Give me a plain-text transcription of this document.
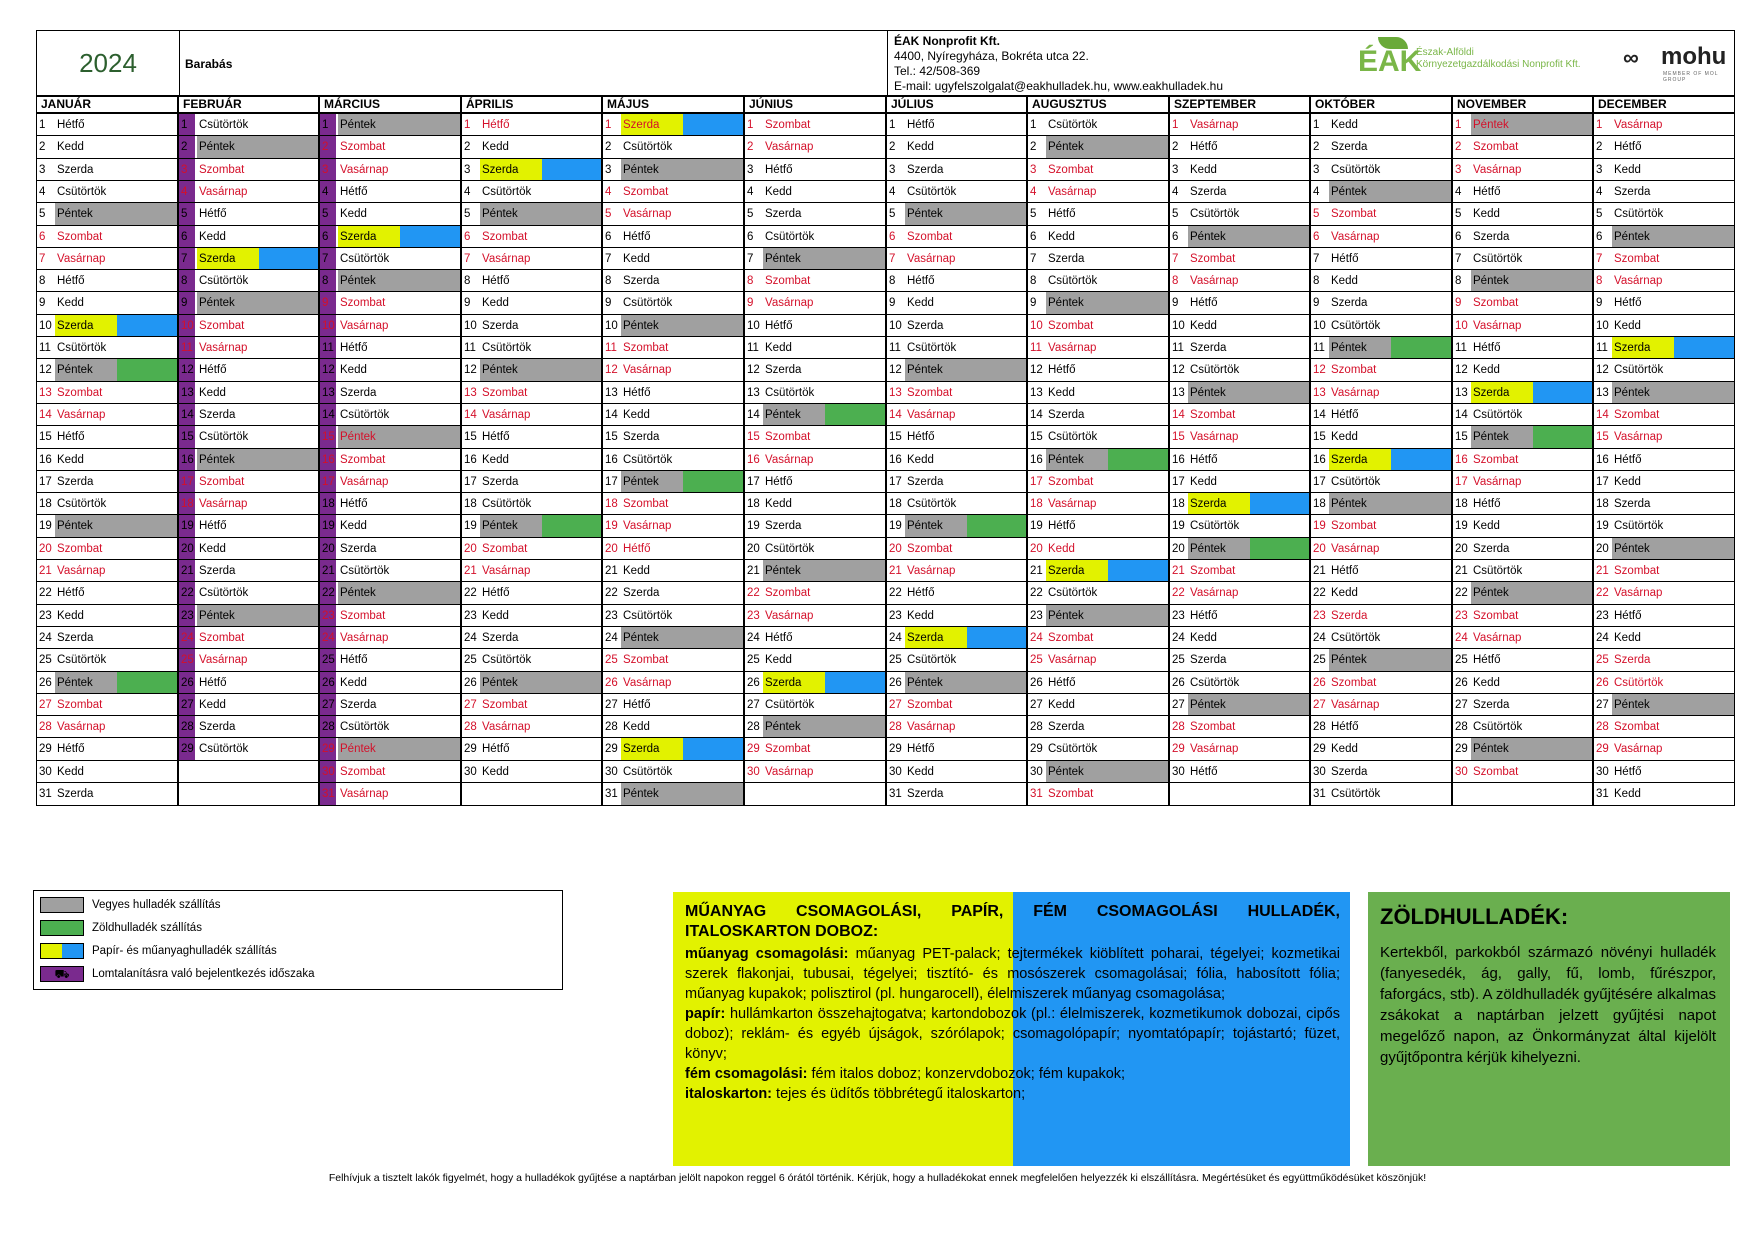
2024	Barabás
ÉAK Nonprofit Kft.
4400, Nyíregyháza, Bokréta utca 22.
Tel.: 42/508-369
E-mail: ugyfelszolgalat@eakhulladek.hu, www.eakhulladek.hu
ÉAK
Észak-Alföldi
Környezetgazdálkodási Nonprofit Kft. ∞ mohu
MEMBER OF MOL GROUP
JANUÁR
1	Hétfő
2	Kedd
3	Szerda
4	Csütörtök
5	Péntek
6	Szombat
7	Vasárnap
8	Hétfő
9	Kedd
10 Szerda
11 Csütörtök
12 Péntek
13 Szombat
14 Vasárnap
15 Hétfő
16 Kedd
17 Szerda
18 Csütörtök
19 Péntek
20 Szombat
21 Vasárnap
22 Hétfő
23 Kedd
24 Szerda
25 Csütörtök
26 Péntek
27 Szombat
28 Vasárnap
29 Hétfő
30 Kedd
31 Szerda
FEBRUÁR
1	Csütörtök
2	Péntek
3	Szombat
4	Vasárnap
5	Hétfő
6	Kedd
7	Szerda
8	Csütörtök
9	Péntek
10 Szombat
11 Vasárnap
12 Hétfő
13 Kedd
14 Szerda
15 Csütörtök
16 Péntek
17 Szombat
18 Vasárnap
19 Hétfő
20 Kedd
21 Szerda
22 Csütörtök
23 Péntek
24 Szombat
25 Vasárnap
26 Hétfő
27 Kedd
28 Szerda
29 Csütörtök
MÁRCIUS
1	Péntek
2	Szombat
3	Vasárnap
4	Hétfő
5	Kedd
6	Szerda
7	Csütörtök
8	Péntek
9	Szombat
10 Vasárnap
11 Hétfő
12 Kedd
13 Szerda
14 Csütörtök
15 Péntek
16 Szombat
17 Vasárnap
18 Hétfő
19 Kedd
20 Szerda
21 Csütörtök
22 Péntek
23 Szombat
24 Vasárnap
25 Hétfő
26 Kedd
27 Szerda
28 Csütörtök
29 Péntek
30 Szombat
31 Vasárnap
ÁPRILIS
1	Hétfő
2	Kedd
3	Szerda
4	Csütörtök
5	Péntek
6	Szombat
7	Vasárnap
8	Hétfő
9	Kedd
10 Szerda
11 Csütörtök
12 Péntek
13 Szombat
14 Vasárnap
15 Hétfő
16 Kedd
17 Szerda
18 Csütörtök
19 Péntek
20 Szombat
21 Vasárnap
22 Hétfő
23 Kedd
24 Szerda
25 Csütörtök
26 Péntek
27 Szombat
28 Vasárnap
29 Hétfő
30 Kedd
MÁJUS
1	Szerda
2	Csütörtök
3	Péntek
4	Szombat
5	Vasárnap
6	Hétfő
7	Kedd
8	Szerda
9	Csütörtök
10 Péntek
11 Szombat
12 Vasárnap
13 Hétfő
14 Kedd
15 Szerda
16 Csütörtök
17 Péntek
18 Szombat
19 Vasárnap
20 Hétfő
21 Kedd
22 Szerda
23 Csütörtök
24 Péntek
25 Szombat
26 Vasárnap
27 Hétfő
28 Kedd
29 Szerda
30 Csütörtök
31 Péntek
JÚNIUS
1	Szombat
2	Vasárnap
3	Hétfő
4	Kedd
5	Szerda
6	Csütörtök
7	Péntek
8	Szombat
9	Vasárnap
10 Hétfő
11 Kedd
12 Szerda
13 Csütörtök
14 Péntek
15 Szombat
16 Vasárnap
17 Hétfő
18 Kedd
19 Szerda
20 Csütörtök
21 Péntek
22 Szombat
23 Vasárnap
24 Hétfő
25 Kedd
26 Szerda
27 Csütörtök
28 Péntek
29 Szombat
30 Vasárnap
JÚLIUS
1	Hétfő
2	Kedd
3	Szerda
4	Csütörtök
5	Péntek
6	Szombat
7	Vasárnap
8	Hétfő
9	Kedd
10 Szerda
11 Csütörtök
12 Péntek
13 Szombat
14 Vasárnap
15 Hétfő
16 Kedd
17 Szerda
18 Csütörtök
19 Péntek
20 Szombat
21 Vasárnap
22 Hétfő
23 Kedd
24 Szerda
25 Csütörtök
26 Péntek
27 Szombat
28 Vasárnap
29 Hétfő
30 Kedd
31 Szerda
AUGUSZTUS
1	Csütörtök
2	Péntek
3	Szombat
4	Vasárnap
5	Hétfő
6	Kedd
7	Szerda
8	Csütörtök
9	Péntek
10 Szombat
11 Vasárnap
12 Hétfő
13 Kedd
14 Szerda
15 Csütörtök
16 Péntek
17 Szombat
18 Vasárnap
19 Hétfő
20 Kedd
21 Szerda
22 Csütörtök
23 Péntek
24 Szombat
25 Vasárnap
26 Hétfő
27 Kedd
28 Szerda
29 Csütörtök
30 Péntek
31 Szombat
SZEPTEMBER
1	Vasárnap
2	Hétfő
3	Kedd
4	Szerda
5	Csütörtök
6	Péntek
7	Szombat
8	Vasárnap
9	Hétfő
10 Kedd
11 Szerda
12 Csütörtök
13 Péntek
14 Szombat
15 Vasárnap
16 Hétfő
17 Kedd
18 Szerda
19 Csütörtök
20 Péntek
21 Szombat
22 Vasárnap
23 Hétfő
24 Kedd
25 Szerda
26 Csütörtök
27 Péntek
28 Szombat
29 Vasárnap
30 Hétfő
OKTÓBER
1	Kedd
2	Szerda
3	Csütörtök
4	Péntek
5	Szombat
6	Vasárnap
7	Hétfő
8	Kedd
9	Szerda
10 Csütörtök
11 Péntek
12 Szombat
13 Vasárnap
14 Hétfő
15 Kedd
16 Szerda
17 Csütörtök
18 Péntek
19 Szombat
20 Vasárnap
21 Hétfő
22 Kedd
23 Szerda
24 Csütörtök
25 Péntek
26 Szombat
27 Vasárnap
28 Hétfő
29 Kedd
30 Szerda
31 Csütörtök
NOVEMBER
1	Péntek
2	Szombat
3	Vasárnap
4	Hétfő
5	Kedd
6	Szerda
7	Csütörtök
8	Péntek
9	Szombat
10 Vasárnap
11 Hétfő
12 Kedd
13 Szerda
14 Csütörtök
15 Péntek
16 Szombat
17 Vasárnap
18 Hétfő
19 Kedd
20 Szerda
21 Csütörtök
22 Péntek
23 Szombat
24 Vasárnap
25 Hétfő
26 Kedd
27 Szerda
28 Csütörtök
29 Péntek
30 Szombat
DECEMBER
1	Vasárnap
2	Hétfő
3	Kedd
4	Szerda
5	Csütörtök
6	Péntek
7	Szombat
8	Vasárnap
9	Hétfő
10 Kedd
11 Szerda
12 Csütörtök
13 Péntek
14 Szombat
15 Vasárnap
16 Hétfő
17 Kedd
18 Szerda
19 Csütörtök
20 Péntek
21 Szombat
22 Vasárnap
23 Hétfő
24 Kedd
25 Szerda
26 Csütörtök
27 Péntek
28 Szombat
29 Vasárnap
30 Hétfő
31 Kedd
Vegyes hulladék szállítás
Zöldhulladék szállítás
Papír- és műanyaghulladék szállítás
⛟	Lomtalanításra való bejelentkezés időszaka
MŰANYAG CSOMAGOLÁSI, PAPÍR, FÉM CSOMAGOLÁSI HULLADÉK, ITALOSKARTON DOBOZ:
műanyag csomagolási: műanyag PET-palack; tejtermékek kiöblített poharai, tégelyei; kozmetikai szerek flakonjai, tubusai, tégelyei; tisztító- és mosószerek csomagolásai; fólia, habosított fólia; műanyag kupakok; polisztirol (pl. hungarocell), élelmiszerek műanyag csomagolása;
papír: hullámkarton összehajtogatva; kartondobozok (pl.: élelmiszerek, kozmetikumok dobozai, cipős doboz); reklám- és egyéb újságok, szórólapok; csomagolópapír; nyomtatópapír; tojástartó; füzet, könyv;
fém csomagolási: fém italos doboz; konzervdobozok; fém kupakok;
italoskarton: tejes és üdítős többrétegű italoskarton;
ZÖLDHULLADÉK:
Kertekből, parkokból származó növényi hulladék (fanyesedék, ág, gally, fű, lomb, fűrészpor, faforgács, stb). A zöldhulladék gyűjtésére alkalmas zsákokat a naptárban jelzett gyűjtési napot megelőző napon, az Önkormányzat által kijelölt gyűjtőpontra kérjük kihelyezni.
Felhívjuk a tisztelt lakók figyelmét, hogy a hulladékok gyűjtése a naptárban jelölt napokon reggel 6 órától történik. Kérjük, hogy a hulladékokat ennek megfelelően helyezzék ki elszállításra. Megértésüket és együttműködésüket köszönjük!
